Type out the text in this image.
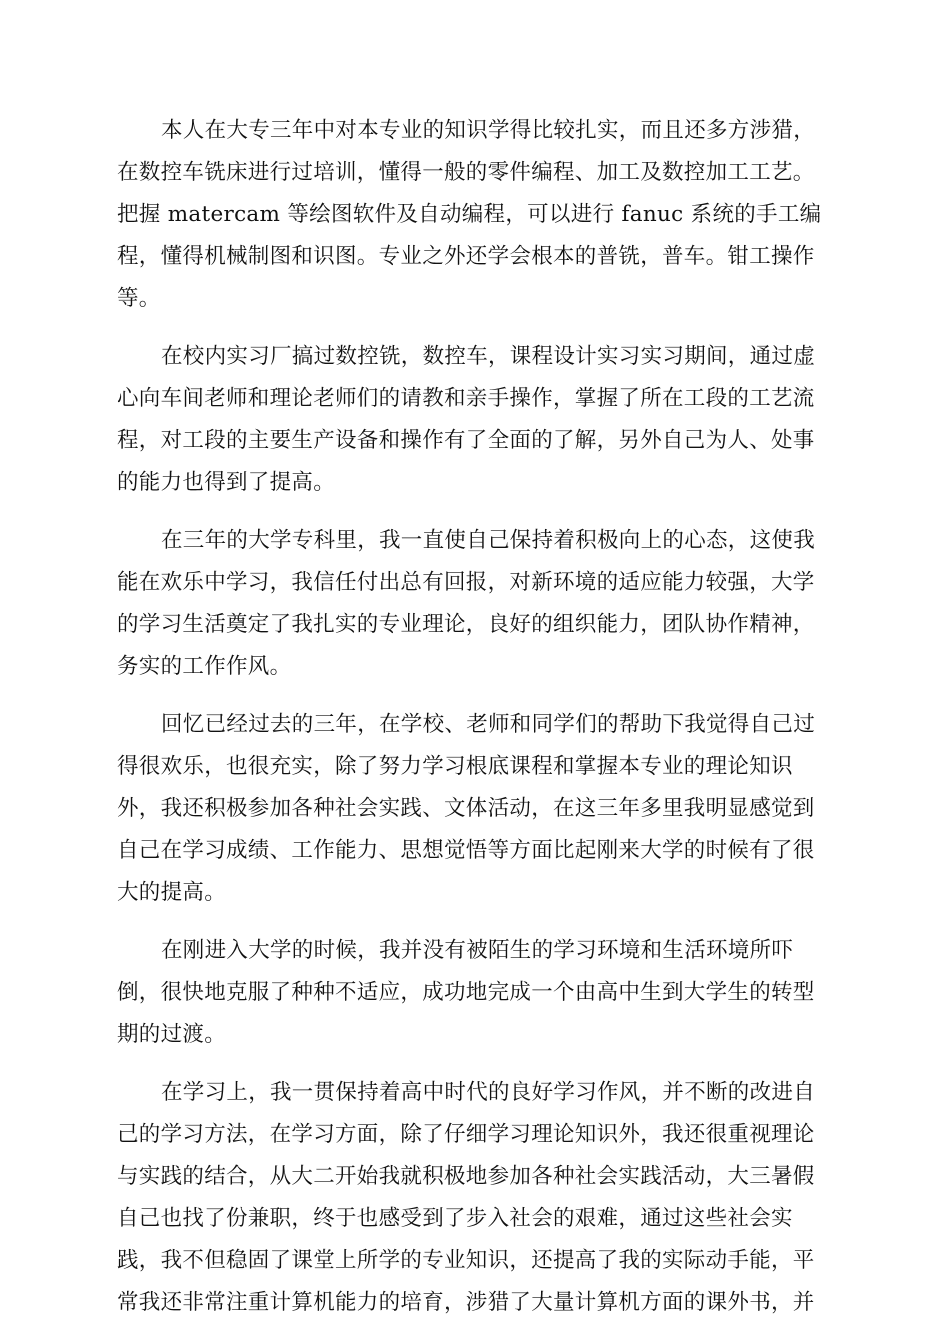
本人在大专三年中对本专业的知识学得比较扎实，而且还多方涉猎，
在数控车铣床进行过培训，懂得一般的零件编程、加工及数控加工工艺。
把握 matercam 等绘图软件及自动编程，可以进行 fanuc 系统的手工编
程，懂得机械制图和识图。专业之外还学会根本的普铣，普车。钳工操作
等。

在校内实习厂搞过数控铣，数控车，课程设计实习实习期间，通过虚
心向车间老师和理论老师们的请教和亲手操作，掌握了所在工段的工艺流
程，对工段的主要生产设备和操作有了全面的了解，另外自己为人、处事
的能力也得到了提高。

在三年的大学专科里，我一直使自己保持着积极向上的心态，这使我
能在欢乐中学习，我信任付出总有回报，对新环境的适应能力较强，大学
的学习生活奠定了我扎实的专业理论，良好的组织能力，团队协作精神，
务实的工作作风。

回忆已经过去的三年，在学校、老师和同学们的帮助下我觉得自己过
得很欢乐，也很充实，除了努力学习根底课程和掌握本专业的理论知识
外，我还积极参加各种社会实践、文体活动，在这三年多里我明显感觉到
自己在学习成绩、工作能力、思想觉悟等方面比起刚来大学的时候有了很
大的提高。

在刚进入大学的时候，我并没有被陌生的学习环境和生活环境所吓
倒，很快地克服了种种不适应，成功地完成一个由高中生到大学生的转型
期的过渡。

在学习上，我一贯保持着高中时代的良好学习作风，并不断的改进自
己的学习方法，在学习方面，除了仔细学习理论知识外，我还很重视理论
与实践的结合，从大二开始我就积极地参加各种社会实践活动，大三暑假
自己也找了份兼职，终于也感受到了步入社会的艰难，通过这些社会实
践，我不但稳固了课堂上所学的专业知识，还提高了我的实际动手能，平
常我还非常注重计算机能力的培育，涉猎了大量计算机方面的课外书，并
